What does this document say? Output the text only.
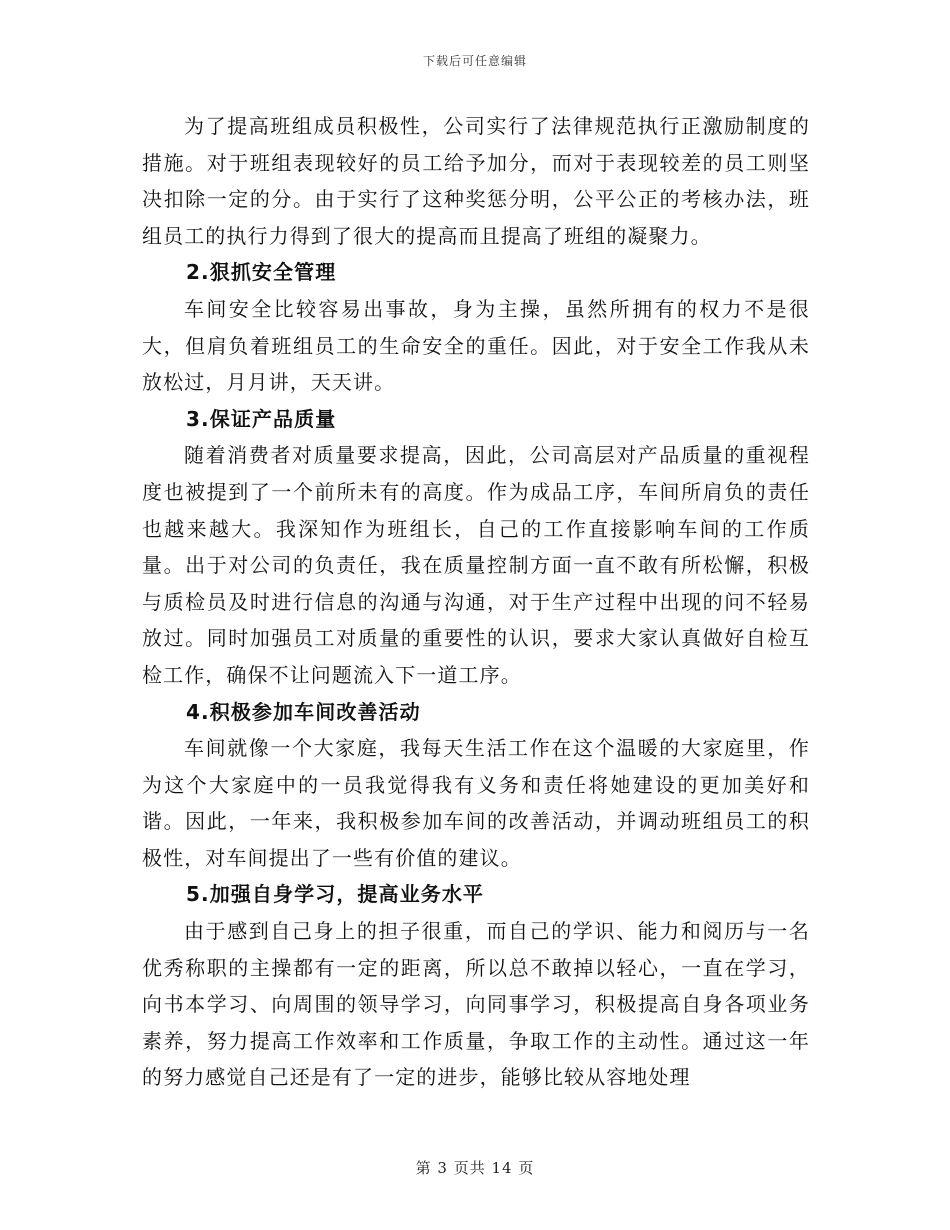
下载后可任意编辑

为了提高班组成员积极性，公司实行了法律规范执行正激励制度的措施。对于班组表现较好的员工给予加分，而对于表现较差的员工则坚决扣除一定的分。由于实行了这种奖惩分明，公平公正的考核办法，班组员工的执行力得到了很大的提高而且提高了班组的凝聚力。

2.狠抓安全管理

车间安全比较容易出事故，身为主操，虽然所拥有的权力不是很大，但肩负着班组员工的生命安全的重任。因此，对于安全工作我从未放松过，月月讲，天天讲。

3.保证产品质量

随着消费者对质量要求提高，因此，公司高层对产品质量的重视程度也被提到了一个前所未有的高度。作为成品工序，车间所肩负的责任也越来越大。我深知作为班组长，自己的工作直接影响车间的工作质量。出于对公司的负责任，我在质量控制方面一直不敢有所松懈，积极与质检员及时进行信息的沟通与沟通，对于生产过程中出现的问不轻易放过。同时加强员工对质量的重要性的认识，要求大家认真做好自检互检工作，确保不让问题流入下一道工序。

4.积极参加车间改善活动

车间就像一个大家庭，我每天生活工作在这个温暖的大家庭里，作为这个大家庭中的一员我觉得我有义务和责任将她建设的更加美好和谐。因此，一年来，我积极参加车间的改善活动，并调动班组员工的积极性，对车间提出了一些有价值的建议。

5.加强自身学习，提高业务水平

由于感到自己身上的担子很重，而自己的学识、能力和阅历与一名优秀称职的主操都有一定的距离，所以总不敢掉以轻心，一直在学习，向书本学习、向周围的领导学习，向同事学习，积极提高自身各项业务素养，努力提高工作效率和工作质量，争取工作的主动性。通过这一年的努力感觉自己还是有了一定的进步，能够比较从容地处理

第 3 页共 14 页
